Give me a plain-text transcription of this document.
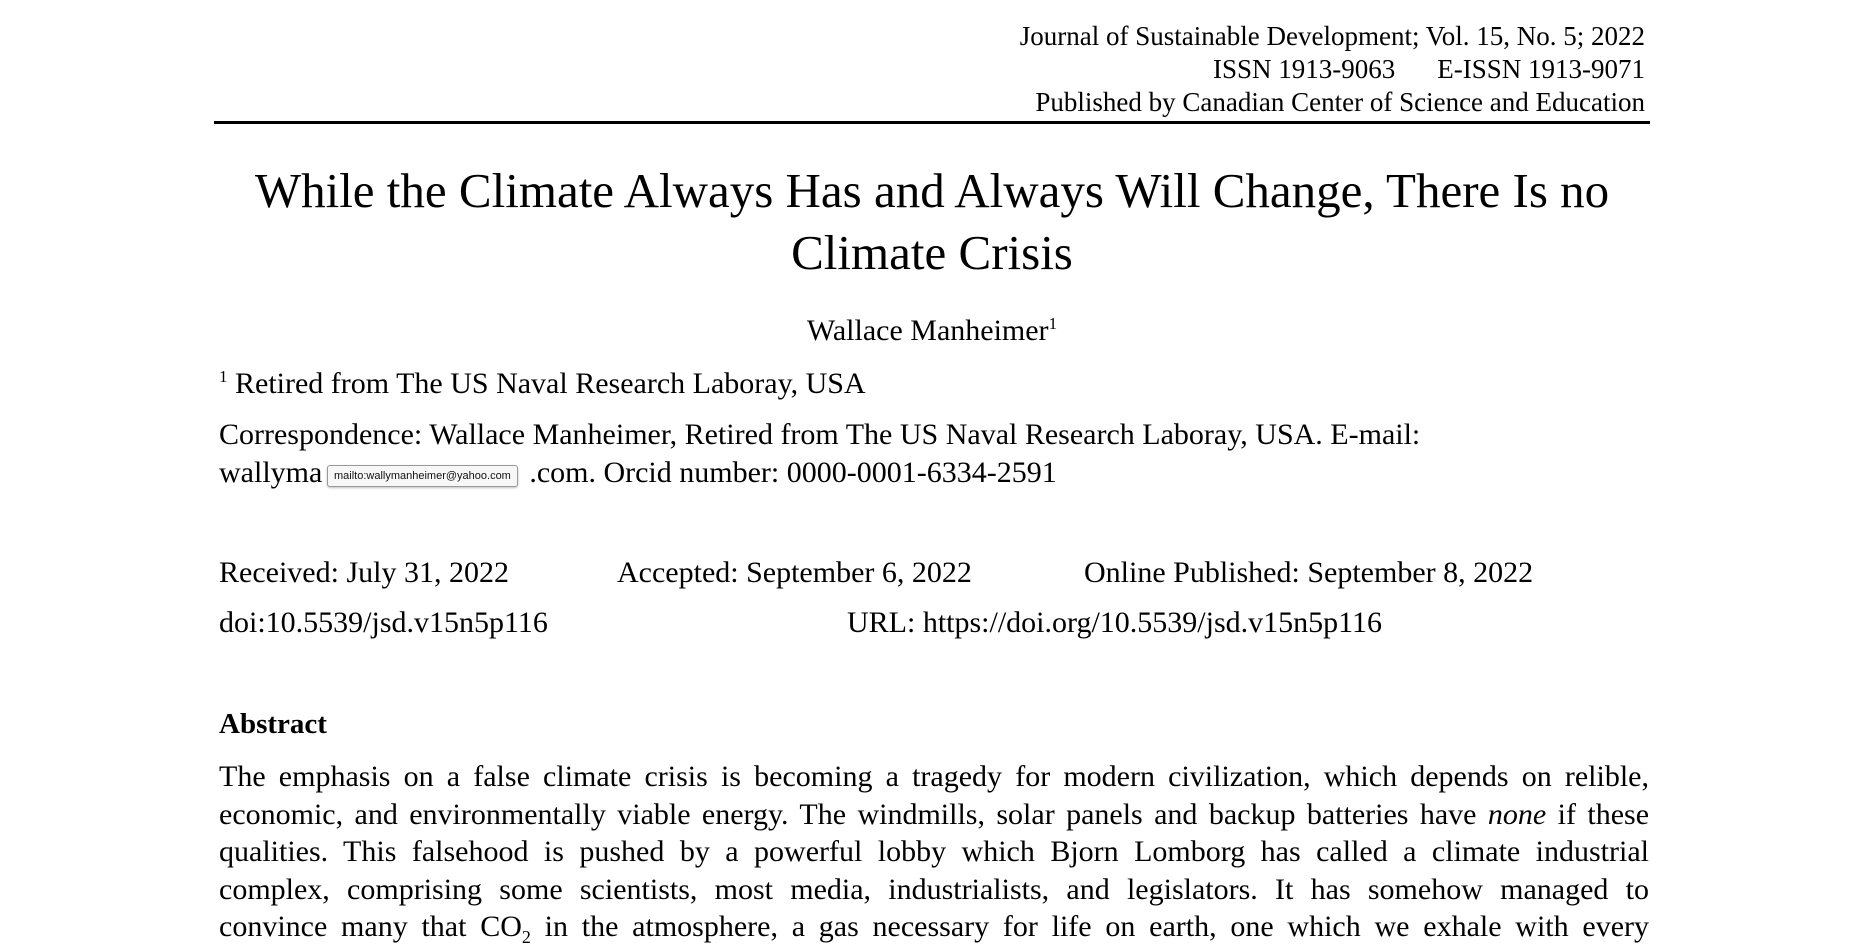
Journal of Sustainable Development; Vol. 15, No. 5; 2022
ISSN 1913-9063 E-ISSN 1913-9071
Published by Canadian Center of Science and Education
While the Climate Always Has and Always Will Change, There Is no
Climate Crisis
Wallace Manheimer$^1$
$^1$ Retired from The US Naval Research Laboray, USA
Correspondence: Wallace Manheimer, Retired from The US Naval Research Laboray, USA. E-mail:
wallyma	.com. Orcid number: 0000-0001-6334-2591
mailto:wallymanheimer@yahoo.com
Received: July 31, 2022	Accepted: September 6, 2022	Online Published: September 8, 2022
doi:10.5539/jsd.v15n5p116	URL: https://doi.org/10.5539/jsd.v15n5p116
Abstract
The emphasis on a false climate crisis is becoming a tragedy for modern civilization, which depends on relible,
economic, and environmentally viable energy. The windmills, solar panels and backup batteries have none if these
qualities. This falsehood is pushed by a powerful lobby which Bjorn Lomborg has called a climate industrial
complex, comprising some scientists, most media, industrialists, and legislators. It has somehow managed to
convince many that $CO_2$ in the atmosphere, a gas necessary for life on earth, one which we exhale with every
